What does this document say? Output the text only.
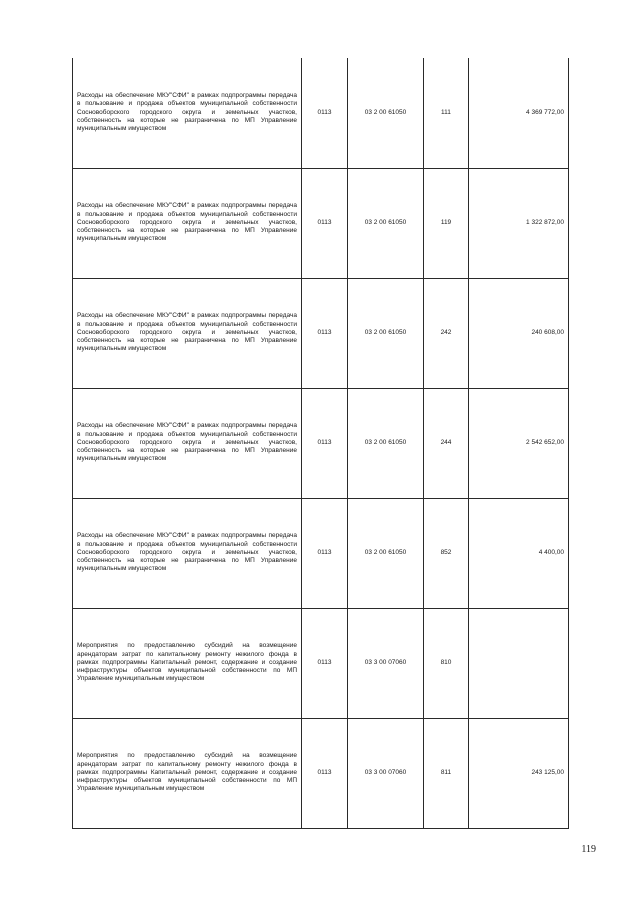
Расходы на обеспечение МКУ"СФИ" в рамках подпрограммы передача в пользование и продажа объектов муниципальной собственности Сосновоборского городского округа и земельных участков, собственность на которые не разграничена по МП Управление муниципальным имуществом	0113	03 2 00 61050	111	4 369 772,00
Расходы на обеспечение МКУ"СФИ" в рамках подпрограммы передача в пользование и продажа объектов муниципальной собственности Сосновоборского городского округа и земельных участков, собственность на которые не разграничена по МП Управление муниципальным имуществом	0113	03 2 00 61050	119	1 322 872,00
Расходы на обеспечение МКУ"СФИ" в рамках подпрограммы передача в пользование и продажа объектов муниципальной собственности Сосновоборского городского округа и земельных участков, собственность на которые не разграничена по МП Управление муниципальным имуществом	0113	03 2 00 61050	242	240 608,00
Расходы на обеспечение МКУ"СФИ" в рамках подпрограммы передача в пользование и продажа объектов муниципальной собственности Сосновоборского городского округа и земельных участков, собственность на которые не разграничена по МП Управление муниципальным имуществом	0113	03 2 00 61050	244	2 542 652,00
Расходы на обеспечение МКУ"СФИ" в рамках подпрограммы передача в пользование и продажа объектов муниципальной собственности Сосновоборского городского округа и земельных участков, собственность на которые не разграничена по МП Управление муниципальным имуществом	0113	03 2 00 61050	852	4 400,00
Мероприятия по предоставлению субсидий на возмещение арендаторам затрат по капитальному ремонту нежилого фонда в рамках подпрограммы Капитальный ремонт, содержание и создание инфраструктуры объектов муниципальной собственности по МП Управление муниципальным имуществом	0113	03 3 00 07060	810	
Мероприятия по предоставлению субсидий на возмещение арендаторам затрат по капитальному ремонту нежилого фонда в рамках подпрограммы Капитальный ремонт, содержание и создание инфраструктуры объектов муниципальной собственности по МП Управление муниципальным имуществом	0113	03 3 00 07060	811	243 125,00
119
